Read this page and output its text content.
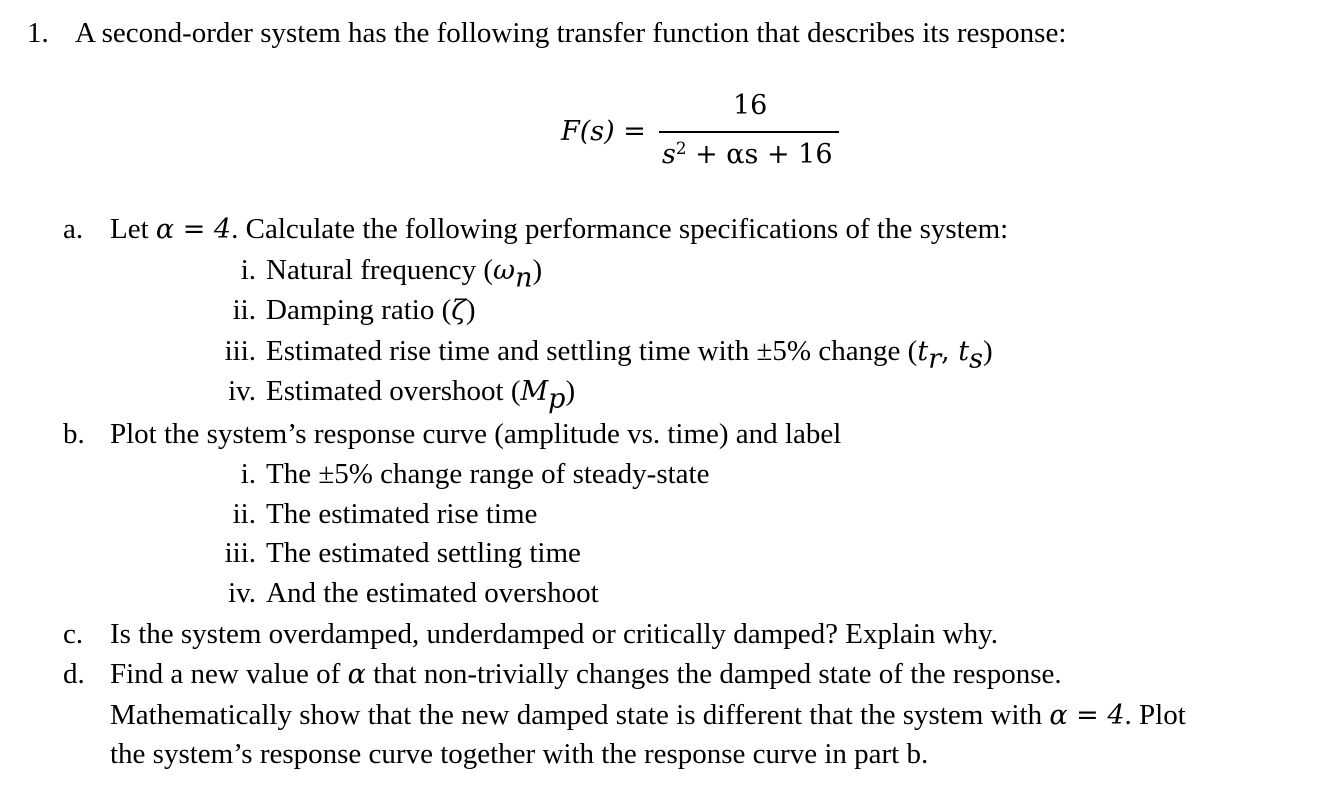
1. A second-order system has the following transfer function that describes its response:
F(s) =
16
$s^2 + \alpha s + 16$
a. Let α = 4. Calculate the following performance specifications of the system:
i. Natural frequency $(\omega_n)$
ii. Damping ratio (ζ)
iii. Estimated rise time and settling time with ±5% change ($t_r$, $t_s$)
iv. Estimated overshoot $(M_p)$
b. Plot the system’s response curve (amplitude vs. time) and label
i. The ±5% change range of steady-state
ii. The estimated rise time
iii. The estimated settling time
iv. And the estimated overshoot
c. Is the system overdamped, underdamped or critically damped? Explain why.
d. Find a new value of α that non-trivially changes the damped state of the response.
Mathematically show that the new damped state is different that the system with α = 4. Plot
the system’s response curve together with the response curve in part b.
